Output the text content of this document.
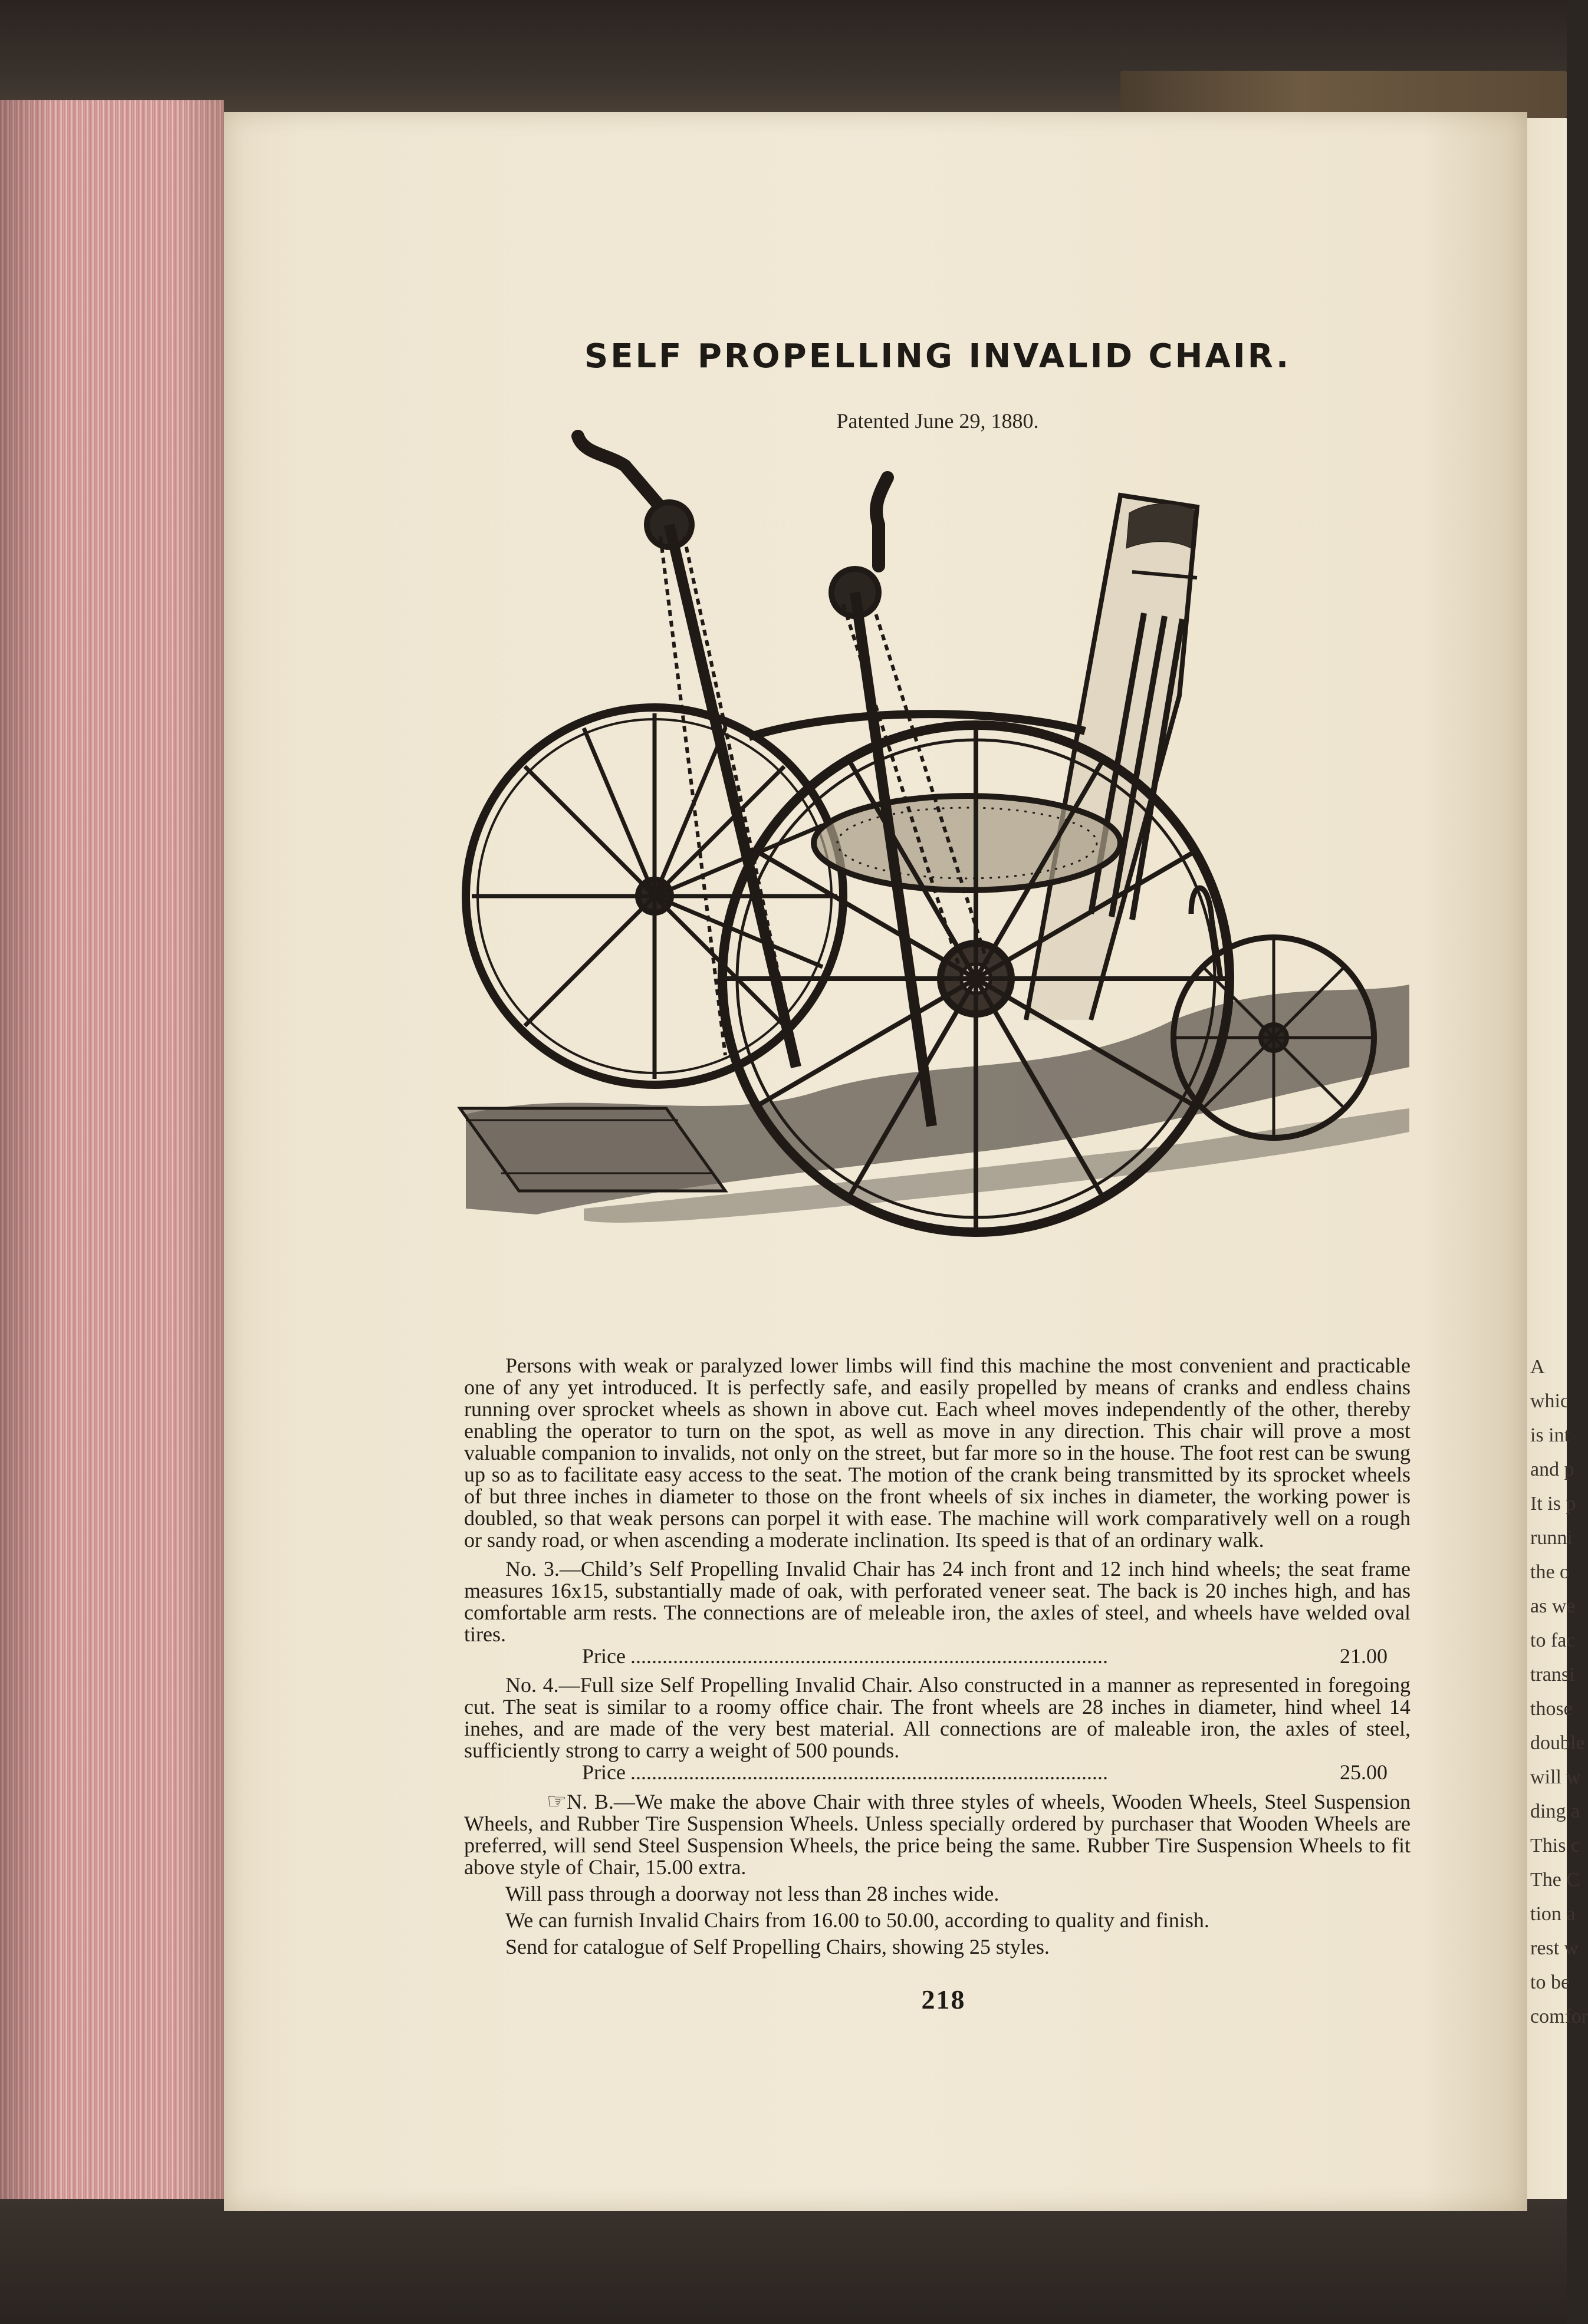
A
whic
is int
and p
It is p
runni
the o
as we
to fac
transi
those
double
will w
ding a
This c
The C
tion a
rest w
to be
comfor
SELF PROPELLING INVALID CHAIR.
Patented June 29, 1880.

Persons with weak or paralyzed lower limbs will find this machine the most convenient and practicable one of any yet introduced. It is perfectly safe, and easily propelled by means of cranks and endless chains running over sprocket wheels as shown in above cut. Each wheel moves independently of the other, thereby enabling the operator to turn on the spot, as well as move in any direction. This chair will prove a most valuable companion to invalids, not only on the street, but far more so in the house. The foot rest can be swung up so as to facilitate easy access to the seat. The motion of the crank being transmitted by its sprocket wheels of but three inches in diameter to those on the front wheels of six inches in diameter, the working power is doubled, so that weak persons can porpel it with ease. The machine will work comparatively well on a rough or sandy road, or when ascending a moderate inclination. Its speed is that of an ordinary walk.

No. 3.—Child’s Self Propelling Invalid Chair has 24 inch front and 12 inch hind wheels; the seat frame measures 16x15, substantially made of oak, with perforated veneer seat. The back is 20 inches high, and has comfortable arm rests. The connections are of meleable iron, the axles of steel, and wheels have welded oval tires.

Price ..........................................................................................	21.00

No. 4.—Full size Self Propelling Invalid Chair. Also constructed in a manner as represented in foregoing cut. The seat is similar to a roomy office chair. The front wheels are 28 inches in diameter, hind wheel 14 inehes, and are made of the very best material. All connections are of maleable iron, the axles of steel, sufficiently strong to carry a weight of 500 pounds.

Price ..........................................................................................	25.00

☞N. B.—We make the above Chair with three styles of wheels, Wooden Wheels, Steel Suspension Wheels, and Rubber Tire Suspension Wheels. Unless specially ordered by purchaser that Wooden Wheels are preferred, will send Steel Suspension Wheels, the price being the same. Rubber Tire Suspension Wheels to fit above style of Chair, 15.00 extra.

Will pass through a doorway not less than 28 inches wide.

We can furnish Invalid Chairs from 16.00 to 50.00, according to quality and finish.

Send for catalogue of Self Propelling Chairs, showing 25 styles.

218
